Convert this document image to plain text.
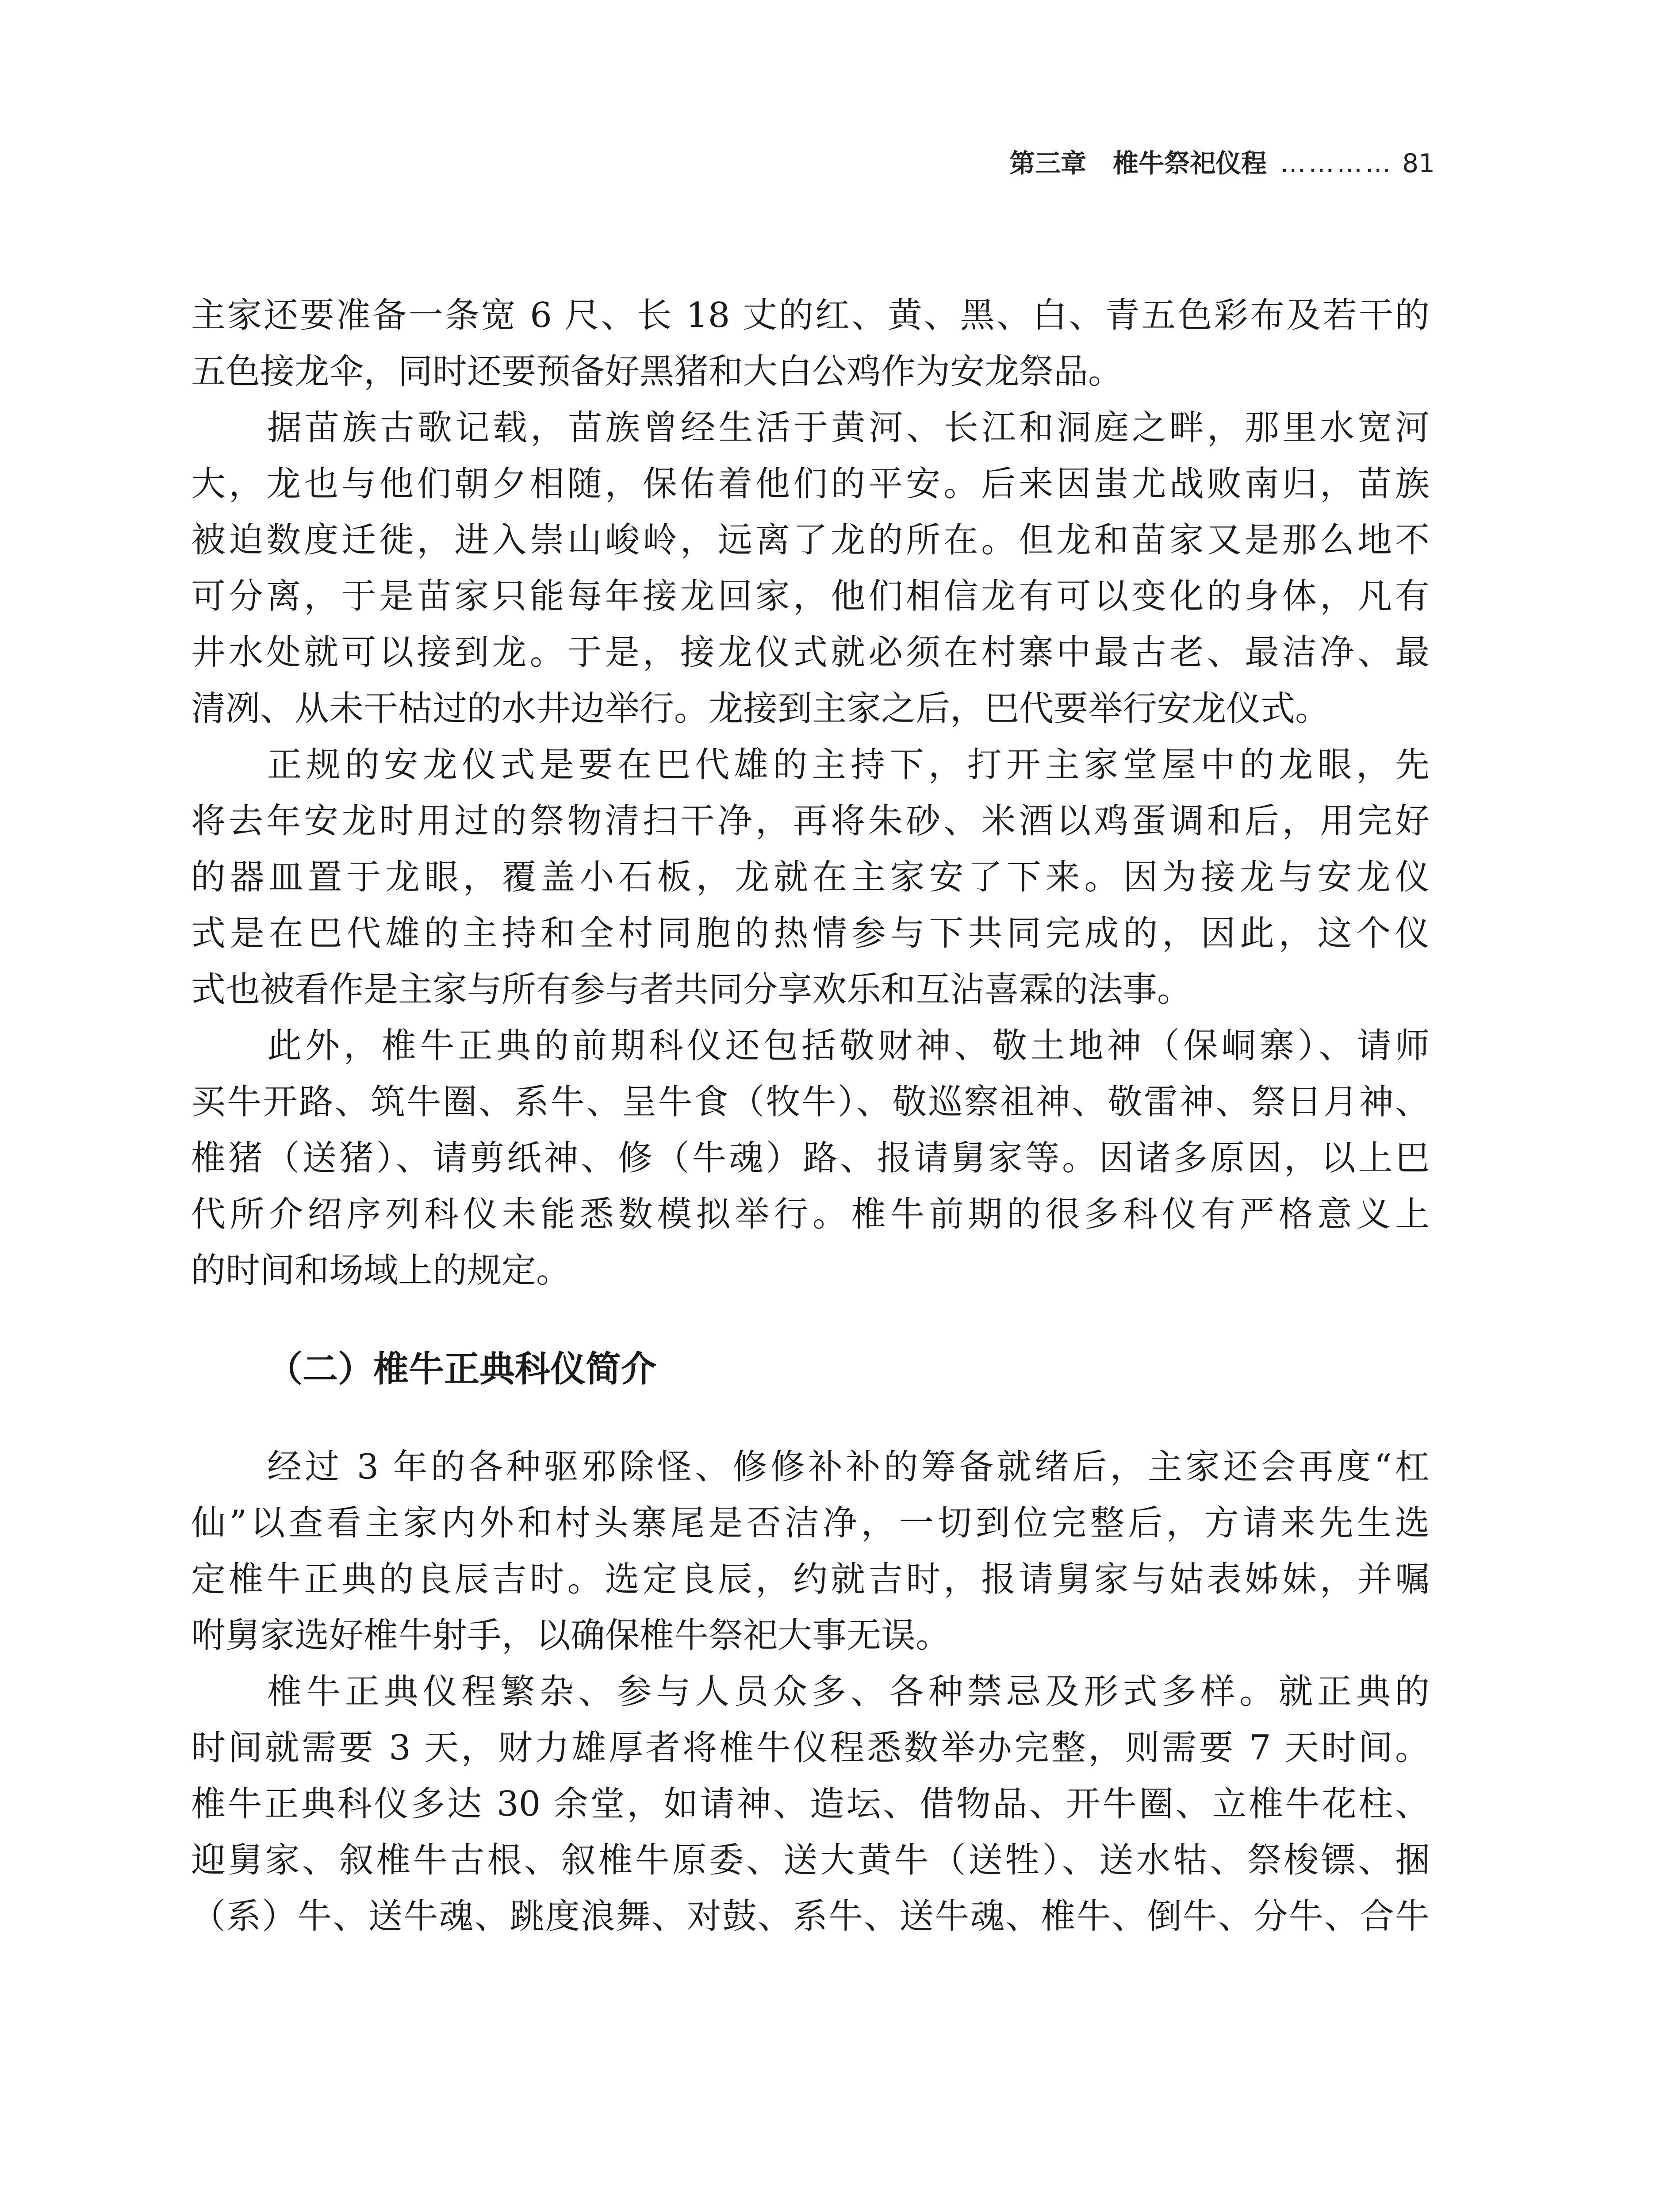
第三章 椎牛祭祀仪程 ………… 81
主家还要准备一条宽 6 尺、长 18 丈的红、黄、黑、白、青五色彩布及若干的
五色接龙伞，同时还要预备好黑猪和大白公鸡作为安龙祭品。
据苗族古歌记载，苗族曾经生活于黄河、长江和洞庭之畔，那里水宽河
大，龙也与他们朝夕相随，保佑着他们的平安。后来因蚩尤战败南归，苗族
被迫数度迁徙，进入崇山峻岭，远离了龙的所在。但龙和苗家又是那么地不
可分离，于是苗家只能每年接龙回家，他们相信龙有可以变化的身体，凡有
井水处就可以接到龙。于是，接龙仪式就必须在村寨中最古老、最洁净、最
清冽、从未干枯过的水井边举行。龙接到主家之后，巴代要举行安龙仪式。
正规的安龙仪式是要在巴代雄的主持下，打开主家堂屋中的龙眼，先
将去年安龙时用过的祭物清扫干净，再将朱砂、米酒以鸡蛋调和后，用完好
的器皿置于龙眼，覆盖小石板，龙就在主家安了下来。因为接龙与安龙仪
式是在巴代雄的主持和全村同胞的热情参与下共同完成的，因此，这个仪
式也被看作是主家与所有参与者共同分享欢乐和互沾喜霖的法事。
此外，椎牛正典的前期科仪还包括敬财神、敬土地神（保峒寨）、请师
买牛开路、筑牛圈、系牛、呈牛食（牧牛）、敬巡察祖神、敬雷神、祭日月神、
椎猪（送猪）、请剪纸神、修（牛魂）路、报请舅家等。因诸多原因，以上巴
代所介绍序列科仪未能悉数模拟举行。椎牛前期的很多科仪有严格意义上
的时间和场域上的规定。
（二）椎牛正典科仪简介
经过 3 年的各种驱邪除怪、修修补补的筹备就绪后，主家还会再度“杠
仙”以查看主家内外和村头寨尾是否洁净，一切到位完整后，方请来先生选
定椎牛正典的良辰吉时。选定良辰，约就吉时，报请舅家与姑表姊妹，并嘱
咐舅家选好椎牛射手，以确保椎牛祭祀大事无误。
椎牛正典仪程繁杂、参与人员众多、各种禁忌及形式多样。就正典的
时间就需要 3 天，财力雄厚者将椎牛仪程悉数举办完整，则需要 7 天时间。
椎牛正典科仪多达 30 余堂，如请神、造坛、借物品、开牛圈、立椎牛花柱、
迎舅家、叙椎牛古根、叙椎牛原委、送大黄牛（送牲）、送水牯、祭梭镖、捆
（系）牛、送牛魂、跳度浪舞、对鼓、系牛、送牛魂、椎牛、倒牛、分牛、合牛
